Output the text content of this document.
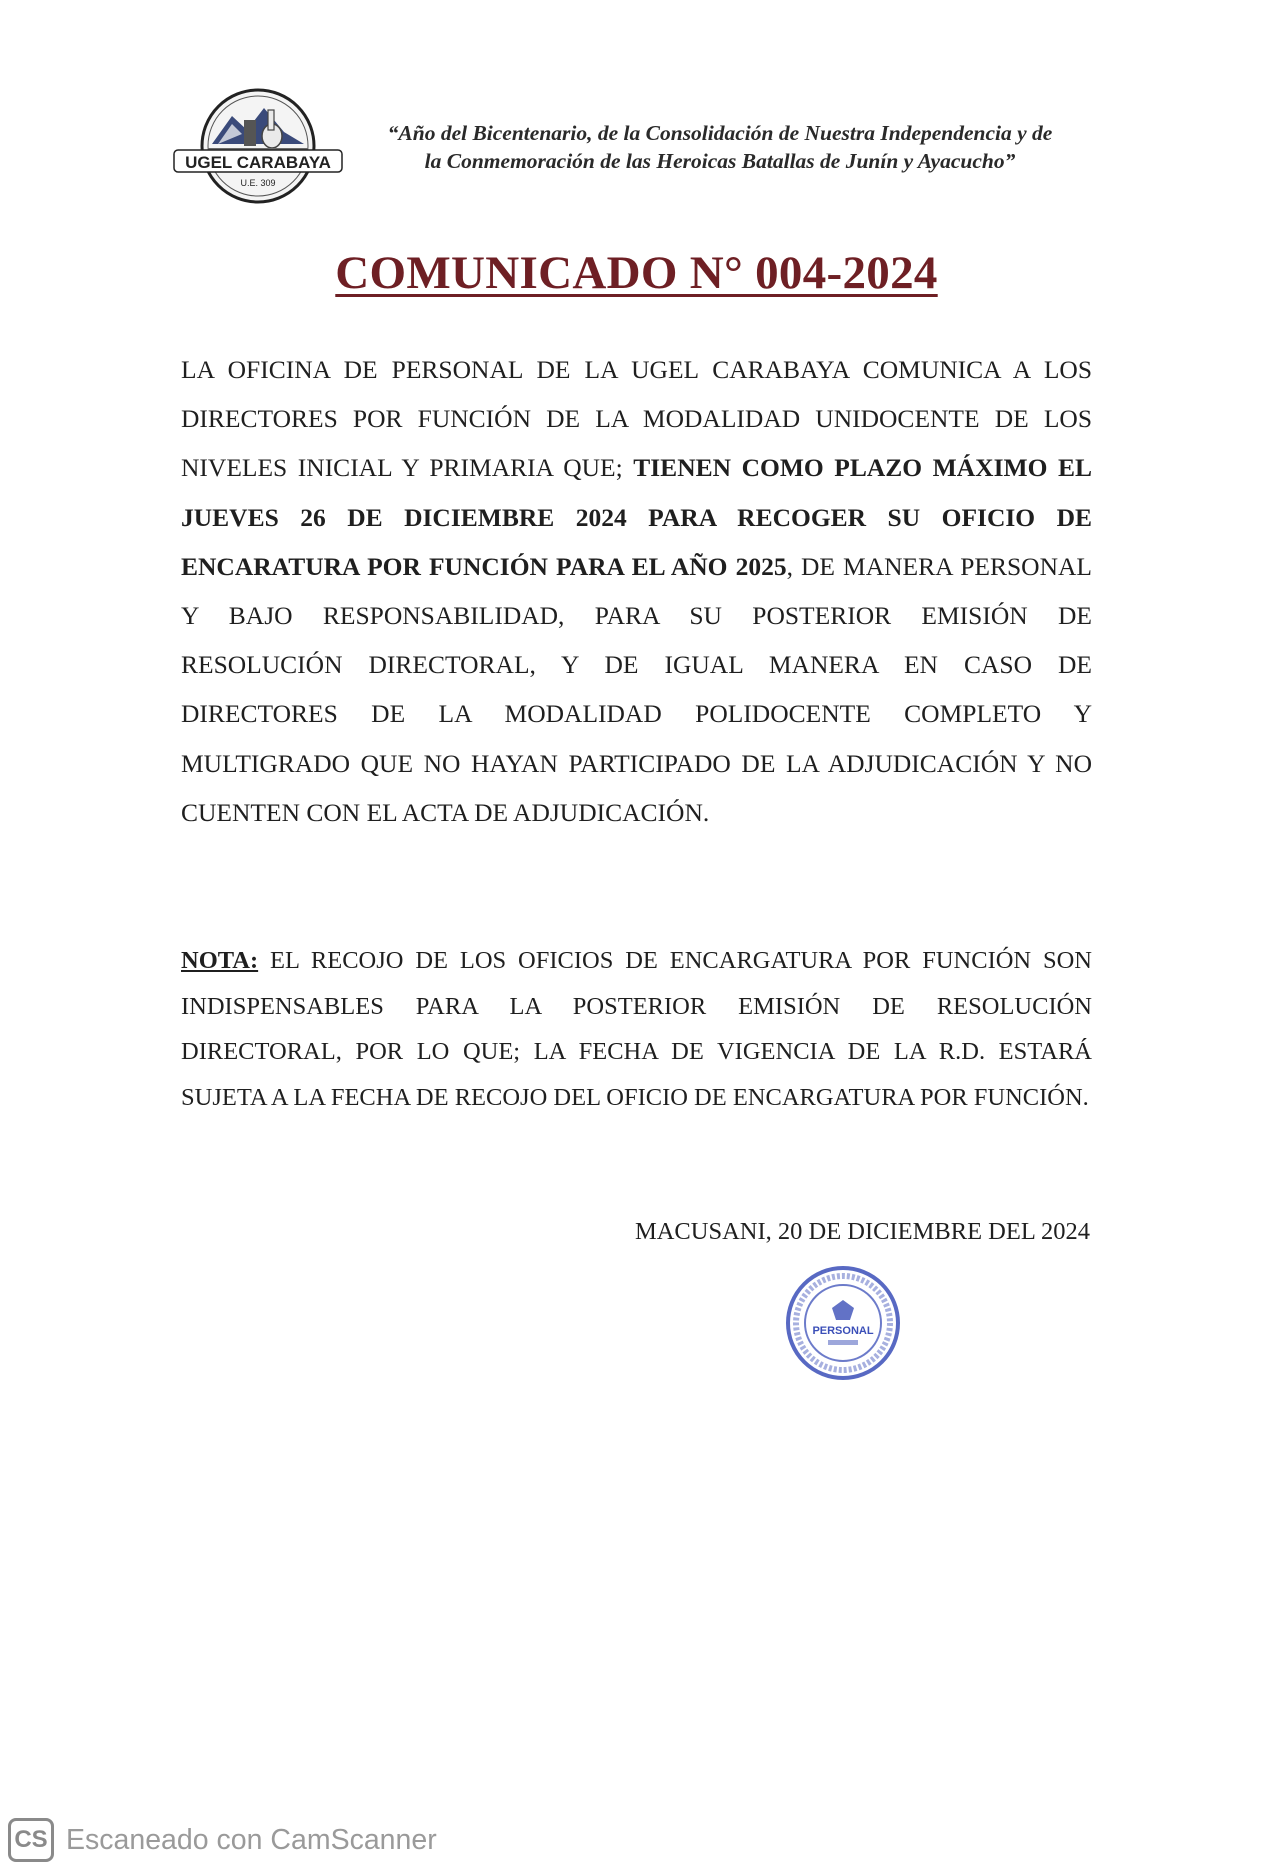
UGEL CARABAYA
U.E. 309
“Año del Bicentenario, de la Consolidación de Nuestra Independencia y de
la Conmemoración de las Heroicas Batallas de Junín y Ayacucho”
COMUNICADO N° 004-2024
LA OFICINA DE PERSONAL DE LA UGEL CARABAYA COMUNICA A LOS DIRECTORES POR FUNCIÓN DE LA MODALIDAD UNIDOCENTE DE LOS NIVELES INICIAL Y PRIMARIA QUE; TIENEN COMO PLAZO MÁXIMO EL JUEVES 26 DE DICIEMBRE 2024 PARA RECOGER SU OFICIO DE ENCARATURA POR FUNCIÓN PARA EL AÑO 2025, DE MANERA PERSONAL Y BAJO RESPONSABILIDAD, PARA SU POSTERIOR EMISIÓN DE RESOLUCIÓN DIRECTORAL, Y DE IGUAL MANERA EN CASO DE DIRECTORES DE LA MODALIDAD POLIDOCENTE COMPLETO Y MULTIGRADO QUE NO HAYAN PARTICIPADO DE LA ADJUDICACIÓN Y NO CUENTEN CON EL ACTA DE ADJUDICACIÓN.
NOTA: EL RECOJO DE LOS OFICIOS DE ENCARGATURA POR FUNCIÓN SON INDISPENSABLES PARA LA POSTERIOR EMISIÓN DE RESOLUCIÓN DIRECTORAL, POR LO QUE; LA FECHA DE VIGENCIA DE LA R.D. ESTARÁ SUJETA A LA FECHA DE RECOJO DEL OFICIO DE ENCARGATURA POR FUNCIÓN.
MACUSANI, 20 DE DICIEMBRE DEL 2024
PERSONAL
CS Escaneado con CamScanner
